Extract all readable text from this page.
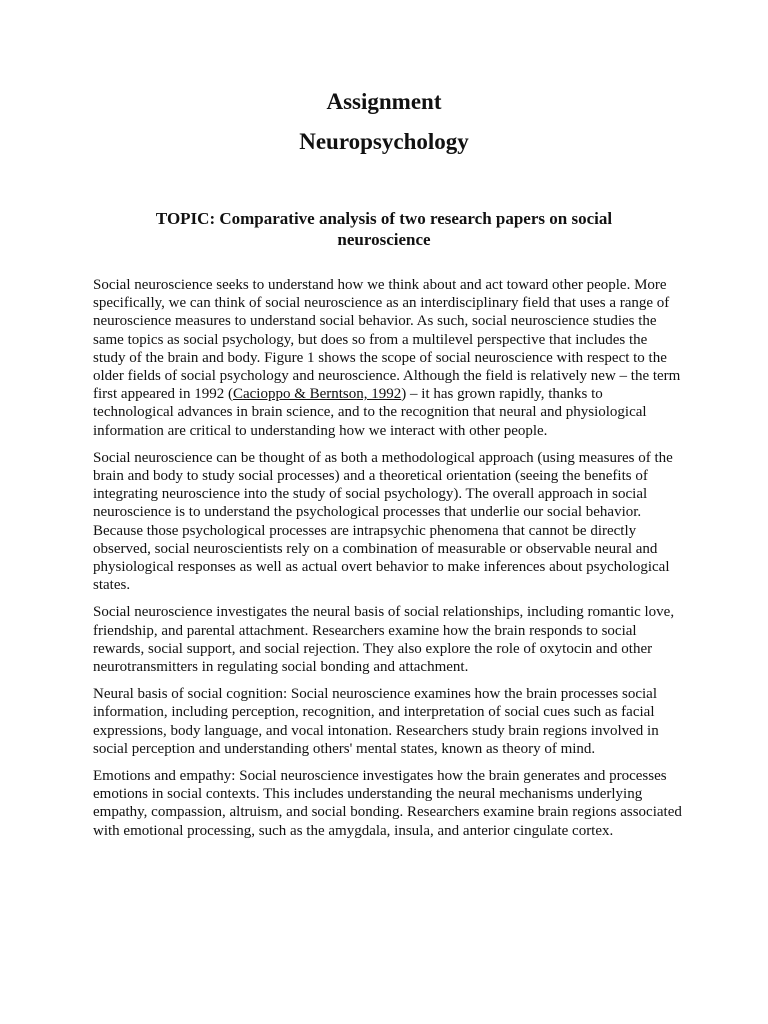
Assignment
Neuropsychology
TOPIC: Comparative analysis of two research papers on social neuroscience

Social neuroscience seeks to understand how we think about and act toward other people. More specifically, we can think of social neuroscience as an interdisciplinary field that uses a range of neuroscience measures to understand social behavior. As such, social neuroscience studies the same topics as social psychology, but does so from a multilevel perspective that includes the study of the brain and body. Figure 1 shows the scope of social neuroscience with respect to the older fields of social psychology and neuroscience. Although the field is relatively new – the term first appeared in 1992 (Cacioppo & Berntson, 1992) – it has grown rapidly, thanks to technological advances in brain science, and to the recognition that neural and physiological information are critical to understanding how we interact with other people.

Social neuroscience can be thought of as both a methodological approach (using measures of the brain and body to study social processes) and a theoretical orientation (seeing the benefits of integrating neuroscience into the study of social psychology). The overall approach in social neuroscience is to understand the psychological processes that underlie our social behavior. Because those psychological processes are intrapsychic phenomena that cannot be directly observed, social neuroscientists rely on a combination of measurable or observable neural and physiological responses as well as actual overt behavior to make inferences about psychological states.

Social neuroscience investigates the neural basis of social relationships, including romantic love, friendship, and parental attachment. Researchers examine how the brain responds to social rewards, social support, and social rejection. They also explore the role of oxytocin and other neurotransmitters in regulating social bonding and attachment.

Neural basis of social cognition: Social neuroscience examines how the brain processes social information, including perception, recognition, and interpretation of social cues such as facial expressions, body language, and vocal intonation. Researchers study brain regions involved in social perception and understanding others' mental states, known as theory of mind.

Emotions and empathy: Social neuroscience investigates how the brain generates and processes emotions in social contexts. This includes understanding the neural mechanisms underlying empathy, compassion, altruism, and social bonding. Researchers examine brain regions associated with emotional processing, such as the amygdala, insula, and anterior cingulate cortex.
